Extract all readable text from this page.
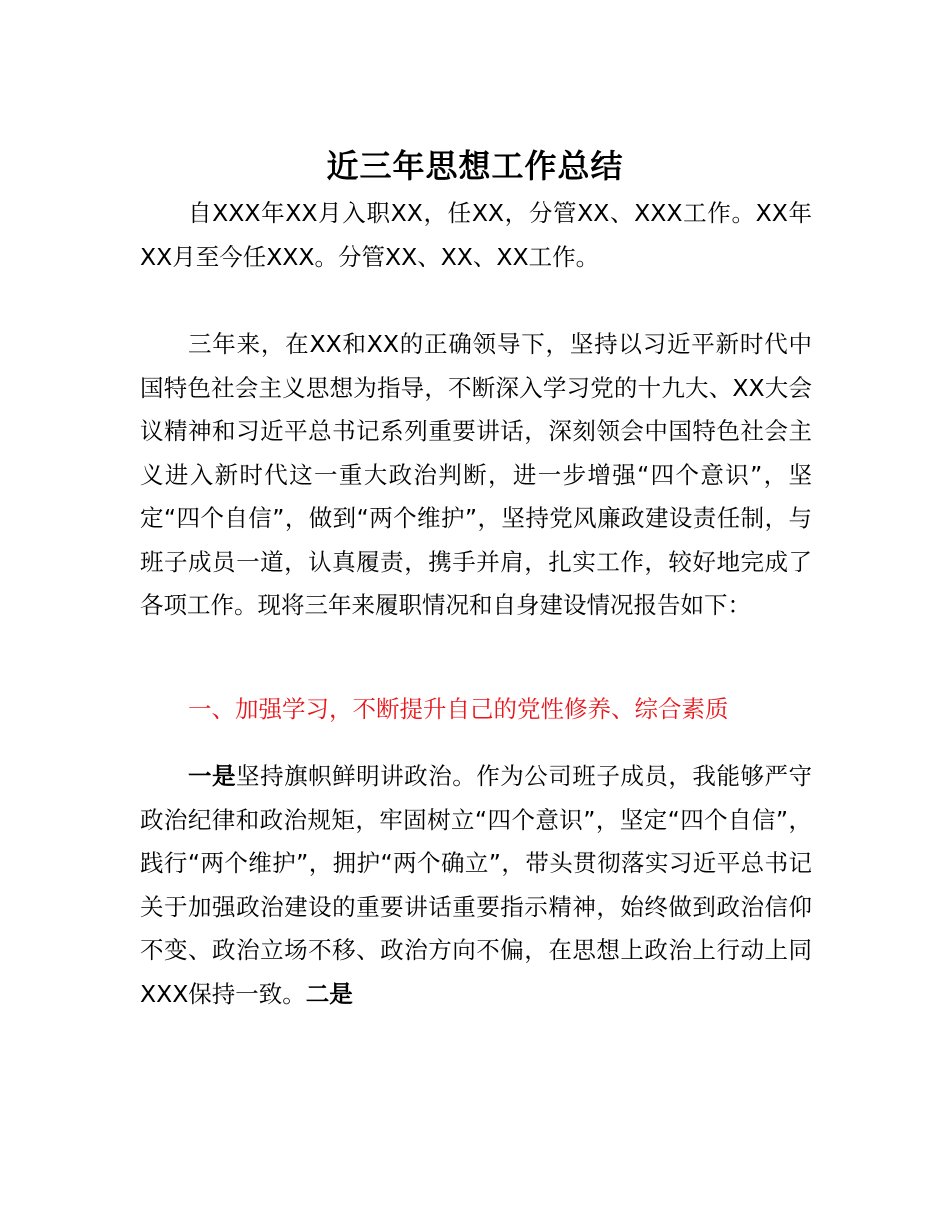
近三年思想工作总结

自XXX年XX月入职XX，任XX，分管XX、XXX工作。XX年XX月至今任XXX。分管XX、XX、XX工作。

三年来，在XX和XX的正确领导下，坚持以习近平新时代中国特色社会主义思想为指导，不断深入学习党的十九大、XX大会议精神和习近平总书记系列重要讲话，深刻领会中国特色社会主义进入新时代这一重大政治判断，进一步增强“四个意识”，坚定“四个自信”，做到“两个维护”，坚持党风廉政建设责任制，与班子成员一道，认真履责，携手并肩，扎实工作，较好地完成了各项工作。现将三年来履职情况和自身建设情况报告如下：

一、加强学习，不断提升自己的党性修养、综合素质

一是坚持旗帜鲜明讲政治。作为公司班子成员，我能够严守政治纪律和政治规矩，牢固树立“四个意识”，坚定“四个自信”，践行“两个维护”，拥护“两个确立”，带头贯彻落实习近平总书记关于加强政治建设的重要讲话重要指示精神，始终做到政治信仰不变、政治立场不移、政治方向不偏，在思想上政治上行动上同XXX保持一致。二是
